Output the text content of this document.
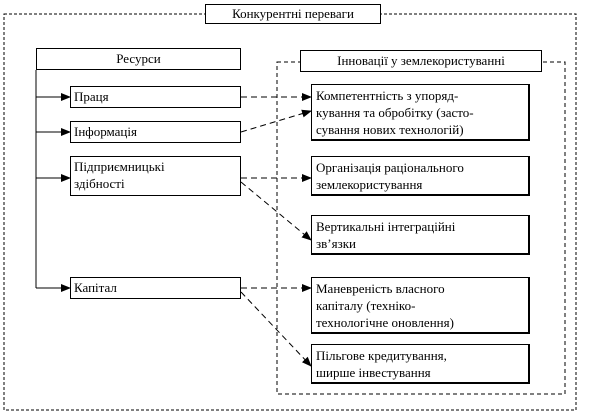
Конкурентні переваги
Ресурси
Праця
Інформація
Підприємницькі
здібності
Капітал
Інновації у землекористуванні
Компетентність з упоряд-
кування та обробітку (засто-
сування нових технологій)
Організація раціонального
землекористування
Вертикальні інтеграційні
зв’язки
Маневреність власного
капіталу (техніко-
технологічне оновлення)
Пільгове кредитування,
ширше інвестування
